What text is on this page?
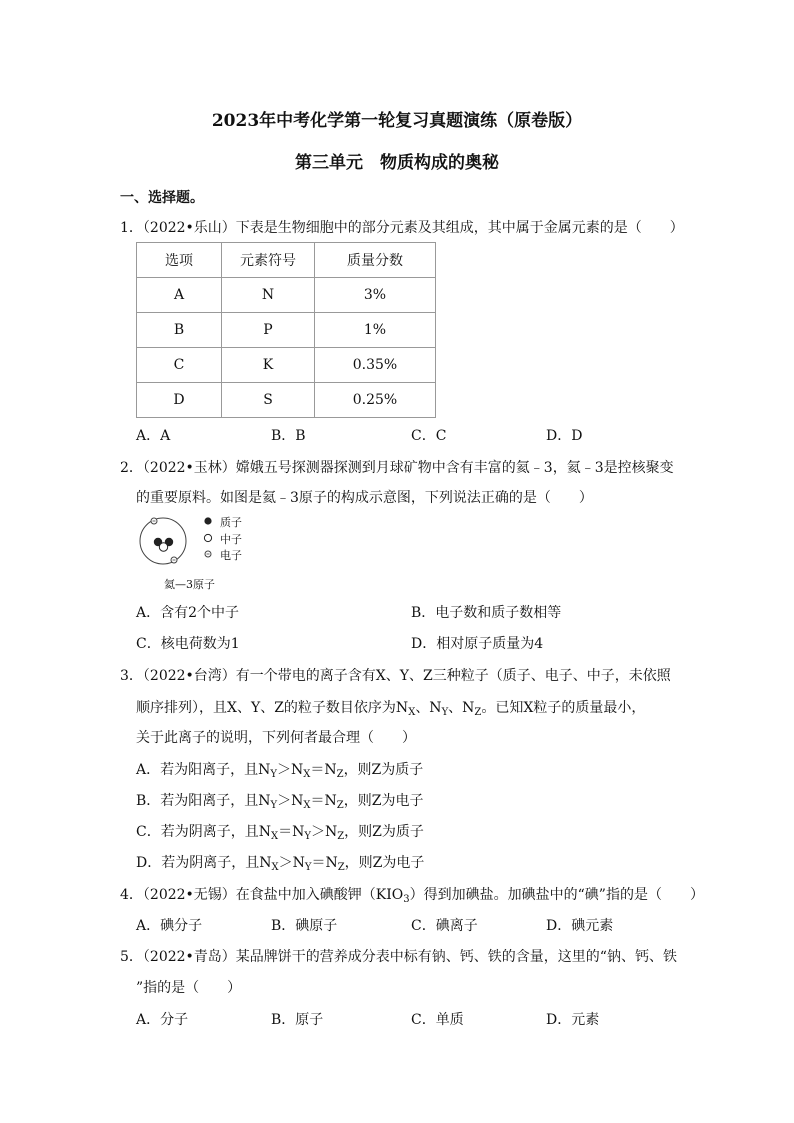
2023年中考化学第一轮复习真题演练（原卷版）
第三单元　物质构成的奥秘
一、选择题。
1．（2022•乐山）下表是生物细胞中的部分元素及其组成，其中属于金属元素的是（　　）
选项	元素符号	质量分数
A	N	3%
B	P	1%
C	K	0.35%
D	S	0.25%
A．A	B．B	C．C	D．D
2．（2022•玉林）嫦娥五号探测器探测到月球矿物中含有丰富的氦﹣3，氦﹣3是控核聚变
的重要原料。如图是氦﹣3原子的构成示意图，下列说法正确的是（　　）
质子
中子
电子
氦—3原子
A．含有2个中子	B．电子数和质子数相等
C．核电荷数为1	D．相对原子质量为4
3．（2022•台湾）有一个带电的离子含有X、Y、Z三种粒子（质子、电子、中子，未依照
顺序排列），且X、Y、Z的粒子数目依序为$N_X$、$N_Y$、$N_Z$。已知X粒子的质量最小，
关于此离子的说明，下列何者最合理（　　）
A．若为阳离子，且$N_Y>N_X=N_Z$，则Z为质子
B．若为阳离子，且$N_Y>N_X=N_Z$，则Z为电子
C．若为阴离子，且$N_X=N_Y>N_Z$，则Z为质子
D．若为阴离子，且$N_X>N_Y=N_Z$，则Z为电子
4．（2022•无锡）在食盐中加入碘酸钾$(KIO_3)$得到加碘盐。加碘盐中的“碘”指的是（　　）
A．碘分子	B．碘原子	C．碘离子	D．碘元素
5．（2022•青岛）某品牌饼干的营养成分表中标有钠、钙、铁的含量，这里的“钠、钙、铁
”指的是（　　）
A．分子	B．原子	C．单质	D．元素
